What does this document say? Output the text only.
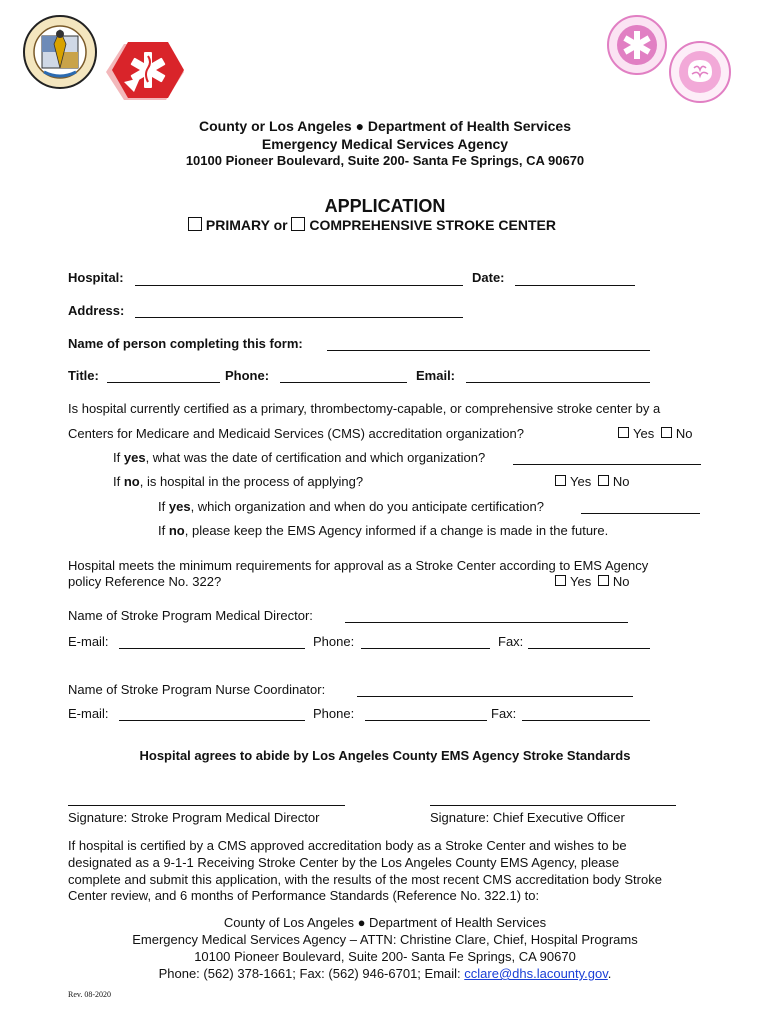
County or Los Angeles ● Department of Health Services
Emergency Medical Services Agency
10100 Pioneer Boulevard, Suite 200- Santa Fe Springs, CA 90670
APPLICATION
PRIMARY or COMPREHENSIVE STROKE CENTER
Hospital:	Date:
Address:
Name of person completing this form:
Title:	Phone:	Email:
Is hospital currently certified as a primary, thrombectomy-capable, or comprehensive stroke center by a
Centers for Medicare and Medicaid Services (CMS) accreditation organization?	Yes No
If yes, what was the date of certification and which organization?
If no, is hospital in the process of applying?	Yes No
If yes, which organization and when do you anticipate certification?
If no, please keep the EMS Agency informed if a change is made in the future.
Hospital meets the minimum requirements for approval as a Stroke Center according to EMS Agency
policy Reference No. 322?	Yes No
Name of Stroke Program Medical Director:
E-mail:	Phone:	Fax:
Name of Stroke Program Nurse Coordinator:
E-mail:	Phone:	Fax:
Hospital agrees to abide by Los Angeles County EMS Agency Stroke Standards
Signature: Stroke Program Medical Director	Signature: Chief Executive Officer
If hospital is certified by a CMS approved accreditation body as a Stroke Center and wishes to be
designated as a 9-1-1 Receiving Stroke Center by the Los Angeles County EMS Agency, please
complete and submit this application, with the results of the most recent CMS accreditation body Stroke
Center review, and 6 months of Performance Standards (Reference No. 322.1) to:
County of Los Angeles ● Department of Health Services
Emergency Medical Services Agency – ATTN: Christine Clare, Chief, Hospital Programs
10100 Pioneer Boulevard, Suite 200- Santa Fe Springs, CA 90670
Phone: (562) 378-1661; Fax: (562) 946-6701; Email: cclare@dhs.lacounty.gov.
Rev. 08-2020
